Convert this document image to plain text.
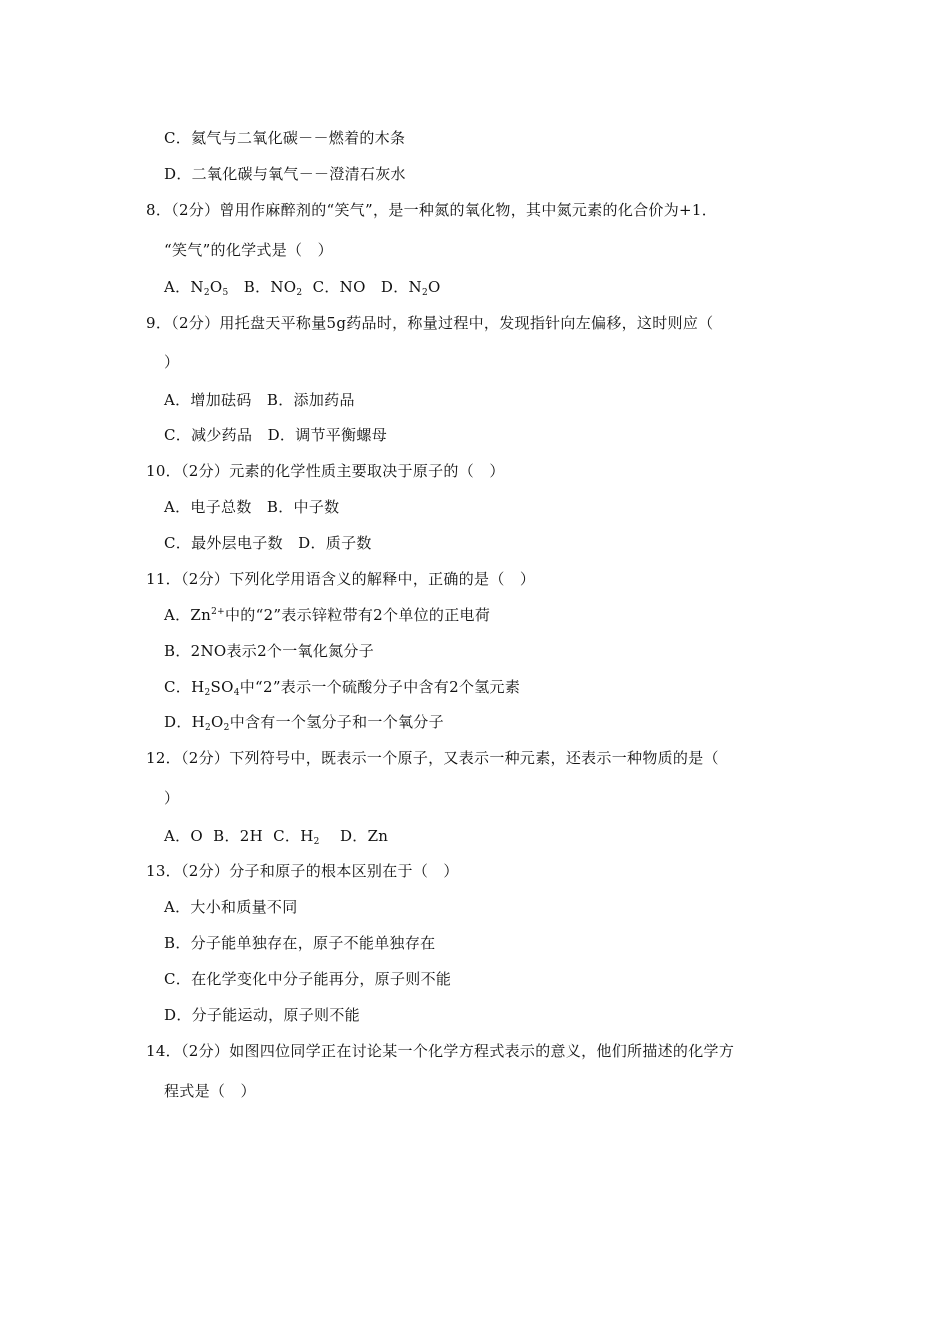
C．氦气与二氧化碳－－燃着的木条
D．二氧化碳与氧气－－澄清石灰水
8．（2分）曾用作麻醉剂的“笑气”，是一种氮的氧化物，其中氮元素的化合价为+1．
“笑气”的化学式是（　）
A．$N_2O_5$ B．$NO_2$ C．NO D．$N_2O$
9．（2分）用托盘天平称量5g药品时，称量过程中，发现指针向左偏移，这时则应（
）
A．增加砝码　B．添加药品
C．减少药品　D．调节平衡螺母
10．（2分）元素的化学性质主要取决于原子的（　）
A．电子总数　B．中子数
C．最外层电子数　D．质子数
11．（2分）下列化学用语含义的解释中，正确的是（　）
A．$Zn^{2+}$中的“2”表示锌粒带有2个单位的正电荷
B．2NO表示2个一氧化氮分子
C．$H_2SO_4$中“2”表示一个硫酸分子中含有2个氢元素
D．$H_2O_2$中含有一个氢分子和一个氧分子
12．（2分）下列符号中，既表示一个原子，又表示一种元素，还表示一种物质的是（
）
A．O  B．2H C．$H_2$ D．Zn
13．（2分）分子和原子的根本区别在于（　）
A．大小和质量不同
B．分子能单独存在，原子不能单独存在
C．在化学变化中分子能再分，原子则不能
D．分子能运动，原子则不能
14．（2分）如图四位同学正在讨论某一个化学方程式表示的意义，他们所描述的化学方
程式是（　）
